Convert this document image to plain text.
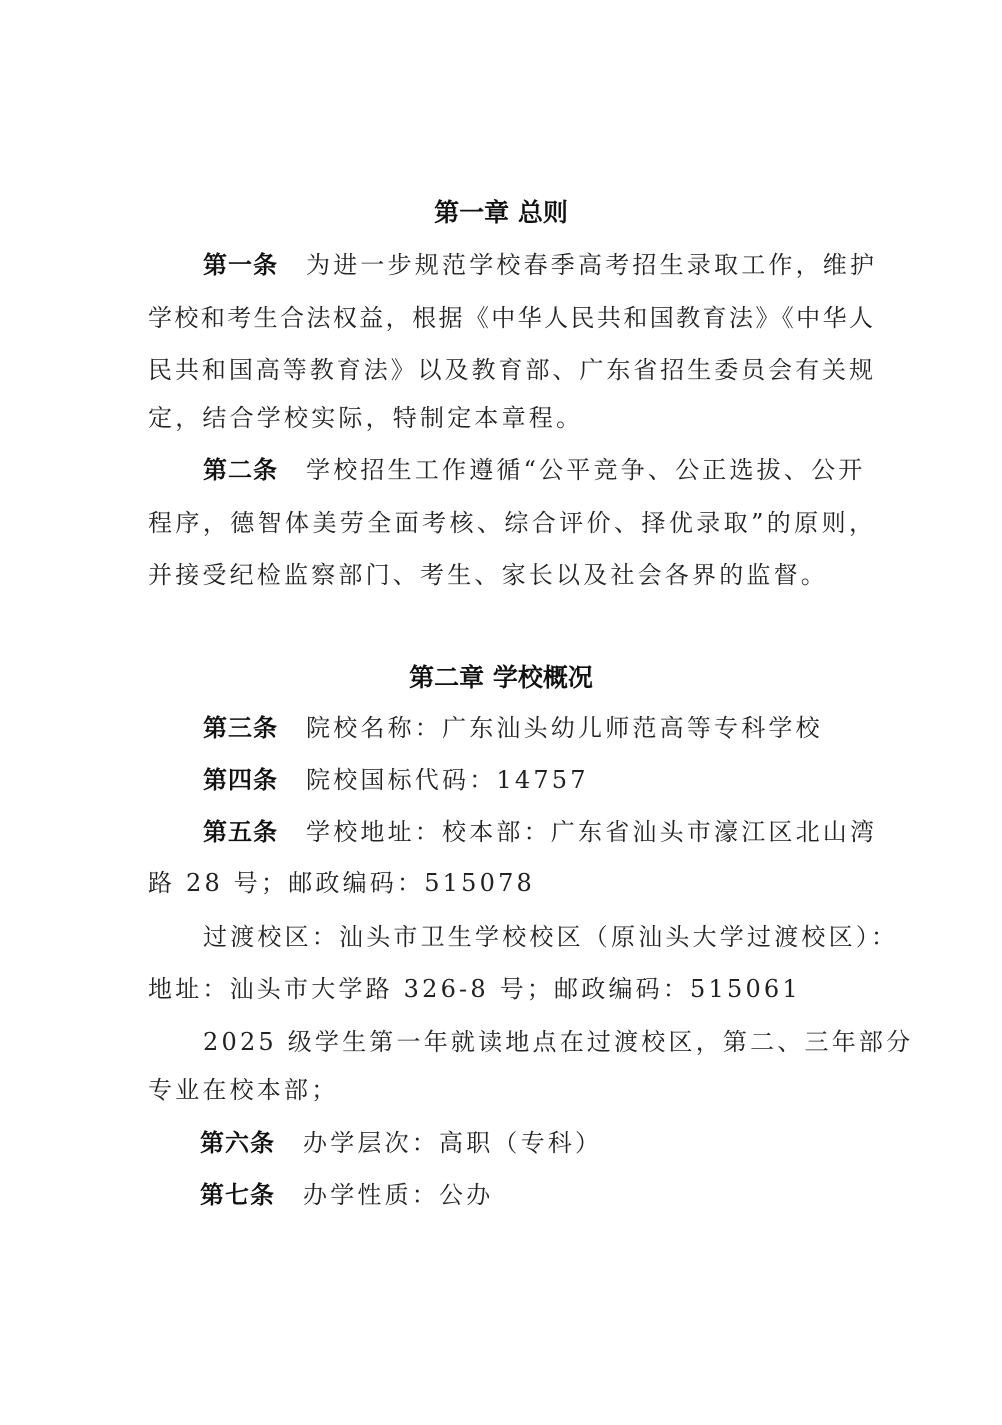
第一章 总则
第一条 为进一步规范学校春季高考招生录取工作，维护
学校和考生合法权益，根据《中华人民共和国教育法》《中华人
民共和国高等教育法》以及教育部、广东省招生委员会有关规
定，结合学校实际，特制定本章程。
第二条 学校招生工作遵循“公平竞争、公正选拔、公开
程序，德智体美劳全面考核、综合评价、择优录取”的原则，
并接受纪检监察部门、考生、家长以及社会各界的监督。
第二章 学校概况
第三条 院校名称：广东汕头幼儿师范高等专科学校
第四条 院校国标代码：14757
第五条 学校地址：校本部：广东省汕头市濠江区北山湾
路 28 号；邮政编码：515078
过渡校区：汕头市卫生学校校区（原汕头大学过渡校区）：
地址：汕头市大学路 326-8 号；邮政编码：515061
2025 级学生第一年就读地点在过渡校区，第二、三年部分
专业在校本部；
第六条 办学层次：高职（专科）
第七条 办学性质：公办
